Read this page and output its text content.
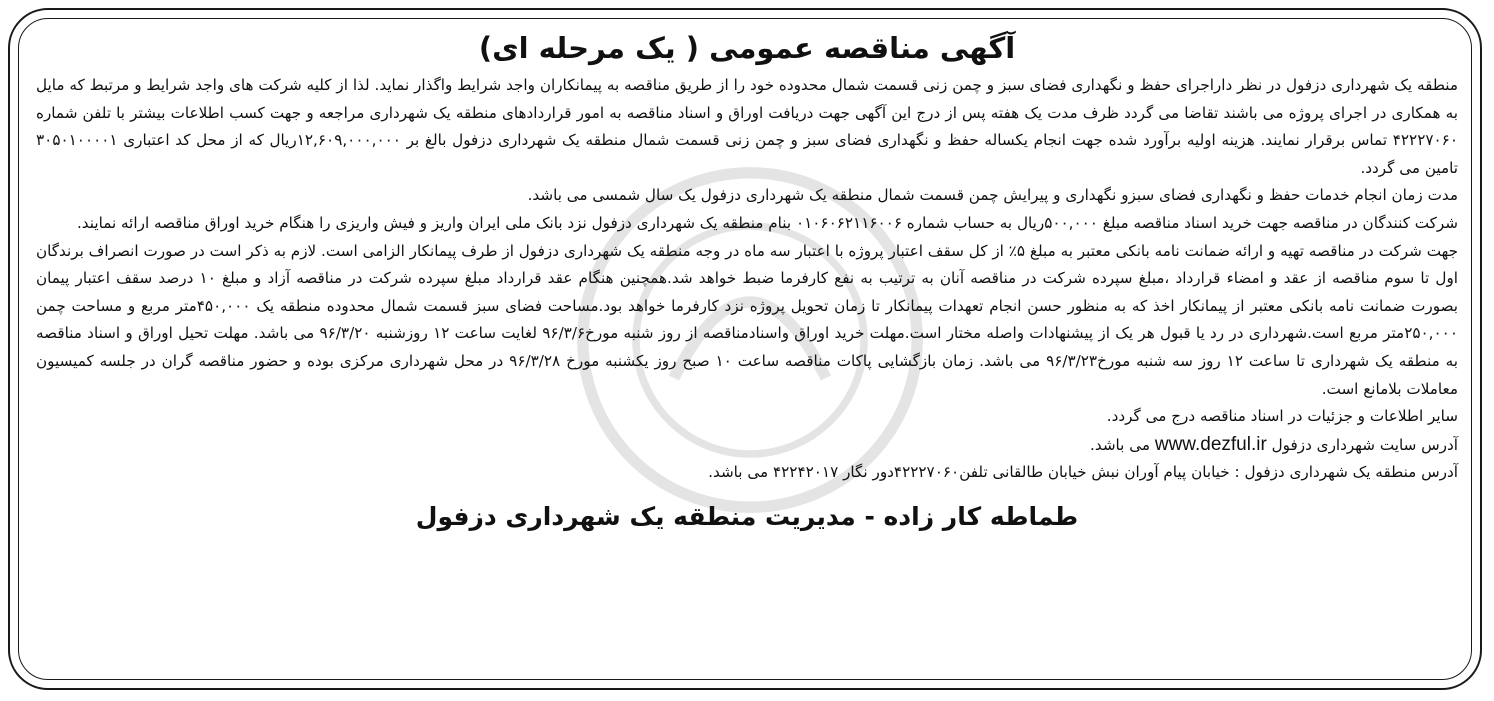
آگهی مناقصه عمومی ( یک مرحله ای)

منطقه یک شهرداری دزفول در نظر داراجرای حفظ و نگهداری فضای سبز و چمن زنی قسمت شمال محدوده خود را از طریق مناقصه به پیمانکاران واجد شرایط واگذار نماید. لذا از کلیه شرکت های واجد شرایط و مرتبط که مایل به همکاری در اجرای پروژه می باشند تقاضا می گردد ظرف مدت یک هفته پس از درج این آگهی جهت دریافت اوراق و اسناد مناقصه به امور قراردادهای منطقه یک شهرداری مراجعه و جهت کسب اطلاعات بیشتر با تلفن شماره ۴۲۲۲۷۰۶۰ تماس برقرار نمایند. هزینه اولیه برآورد شده جهت انجام یکساله حفظ و نگهداری فضای سبز و چمن زنی قسمت شمال منطقه یک شهرداری دزفول بالغ بر ۱۲,۶۰۹,۰۰۰,۰۰۰ریال که از محل کد اعتباری ۳۰۵۰۱۰۰۰۰۱ تامین می گردد.

مدت زمان انجام خدمات حفظ و نگهداری فضای سبزو نگهداری و پیرایش چمن قسمت شمال منطقه یک شهرداری دزفول یک سال شمسی می باشد.

شرکت کنندگان در مناقصه جهت خرید اسناد مناقصه مبلغ ۵۰۰,۰۰۰ریال به حساب شماره ۰۱۰۶۰۶۲۱۱۶۰۰۶ بنام منطقه یک شهرداری دزفول نزد بانک ملی ایران واریز و فیش واریزی را هنگام خرید اوراق مناقصه ارائه نمایند.

جهت شرکت در مناقصه تهیه و ارائه ضمانت نامه بانکی معتبر به مبلغ ۵٪ از کل سقف اعتبار پروژه با اعتبار سه ماه در وجه منطقه یک شهرداری دزفول از طرف پیمانکار الزامی است. لازم به ذکر است در صورت انصراف برندگان اول تا سوم مناقصه از عقد و امضاء قرارداد ،مبلغ سپرده شرکت در مناقصه آنان به ترتیب به نفع کارفرما ضبط خواهد شد.همچنین هنگام عقد قرارداد مبلغ سپرده شرکت در مناقصه آزاد و مبلغ ۱۰ درصد سقف اعتبار پیمان بصورت ضمانت نامه بانکی معتبر از پیمانکار اخذ که به منظور حسن انجام تعهدات پیمانکار تا زمان تحویل پروژه نزد کارفرما خواهد بود.مساحت فضای سبز قسمت شمال محدوده منطقه یک ۴۵۰,۰۰۰متر مربع و مساحت چمن ۲۵۰,۰۰۰متر مربع است.شهرداری در رد یا قبول هر یک از پیشنهادات واصله مختار است.مهلت خرید اوراق واسنادمناقصه از روز شنبه مورخ۹۶/۳/۶ لغایت ساعت ۱۲ روزشنبه ۹۶/۳/۲۰ می باشد. مهلت تحیل اوراق و اسناد مناقصه به منطقه یک شهرداری تا ساعت ۱۲ روز سه شنبه مورخ۹۶/۳/۲۳ می باشد. زمان بازگشایی پاکات مناقصه ساعت ۱۰ صبح روز یکشنبه مورخ ۹۶/۳/۲۸ در محل شهرداری مرکزی بوده و حضور مناقصه گران در جلسه کمیسیون معاملات بلامانع است.

سایر اطلاعات و جزئیات در اسناد مناقصه درج می گردد.

آدرس سایت شهرداری دزفول www.dezful.ir می باشد.

آدرس منطقه یک شهرداری دزفول : خیابان پیام آوران نبش خیابان طالقانی تلفن۴۲۲۲۷۰۶۰دور نگار ۴۲۲۴۲۰۱۷ می باشد.

طماطه کار زاده - مدیریت منطقه یک شهرداری دزفول
